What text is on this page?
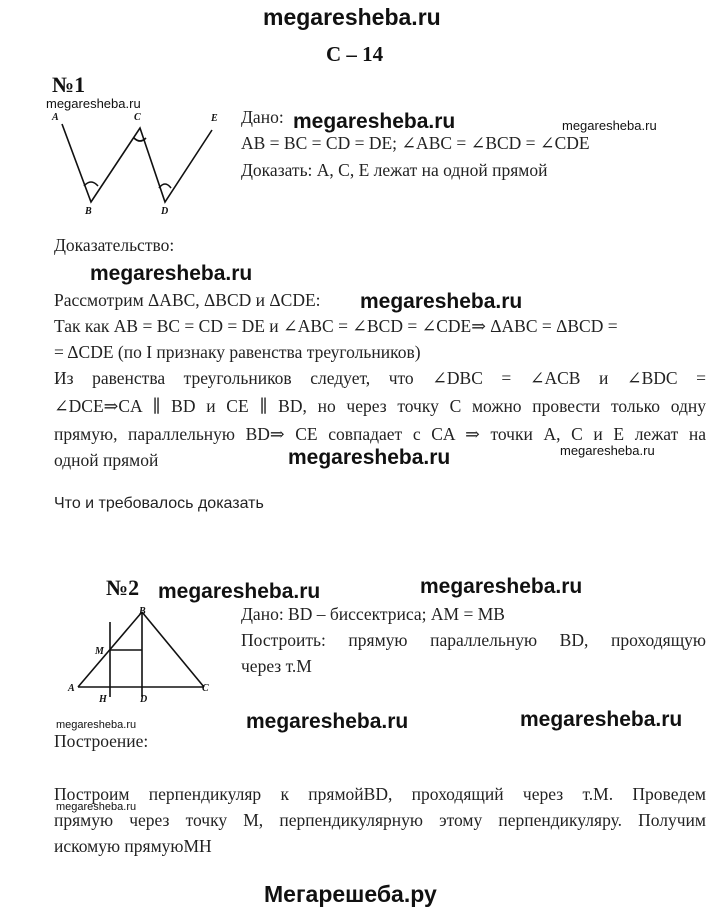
megaresheba.ru
С – 14
№1
megaresheba.ru
A
B
C
D
E Дано: megaresheba.ru	megaresheba.ru
AB = BC = CD = DE; ∠ABC = ∠BCD = ∠CDE
Доказать: A, C, E лежат на одной прямой
Доказательство:
megaresheba.ru
Рассмотрим ΔABC, ΔBCD и ΔCDE: megaresheba.ru
Так как AB = BC = CD = DE и ∠ABC = ∠BCD = ∠CDE⇒ ΔABC = ΔBCD =
= ΔCDE (по I признаку равенства треугольников)
Из равенства треугольников следует, что ∠DBC = ∠ACB и ∠BDC =
∠DCE⇒CA ∥ BD и CE ∥ BD, но через точку C можно провести только одну
прямую, параллельную BD⇒ CE совпадает с CA ⇒ точки A, C и E лежат на
одной прямой	megaresheba.ru	megaresheba.ru
Что и требовалось доказать
№2 megaresheba.ru	megaresheba.ru
B
M
A
H	D
C
Дано: BD – биссектриса; AM = MB
Построить: прямую параллельную BD, проходящую
через т.M
megaresheba.ru	megaresheba.ru	megaresheba.ru
Построение:
Построим перпендикуляр к прямойBD, проходящий через т.M. Проведем
megaresheba.ru
прямую через точку M, перпендикулярную этому перпендикуляру. Получим
искомую прямуюMH
Мегарешеба.ру
